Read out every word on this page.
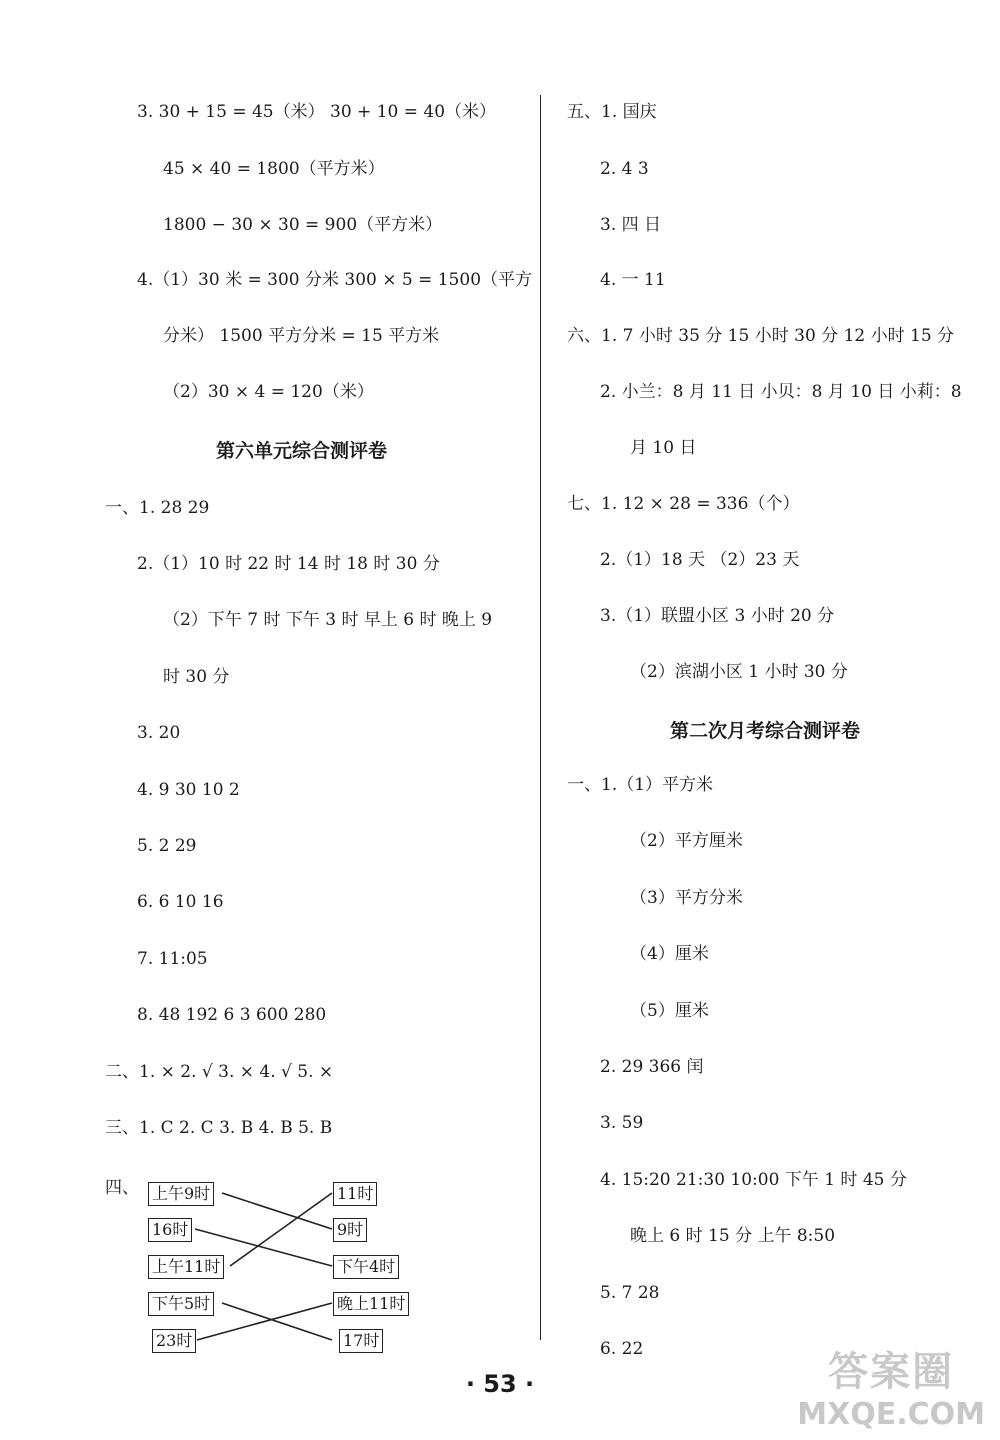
3. 30 + 15 = 45（米） 30 + 10 = 40（米）
45 × 40 = 1800（平方米）
1800 − 30 × 30 = 900（平方米）
4.（1）30 米 = 300 分米 300 × 5 = 1500（平方
分米） 1500 平方分米 = 15 平方米
（2）30 × 4 = 120（米）
第六单元综合测评卷
一、1. 28 29
2.（1）10 时 22 时 14 时 18 时 30 分
（2）下午 7 时 下午 3 时 早上 6 时 晚上 9
时 30 分
3. 20
4. 9 30 10 2
5. 2 29
6. 6 10 16
7. 11:05
8. 48 192 6 3 600 280
二、1. × 2. √ 3. × 4. √ 5. ×
三、1. C 2. C 3. B 4. B 5. B
四、 上午9时
16时
上午11时
下午5时
23时
11时
9时
下午4时
晚上11时
17时
五、1. 国庆
2. 4 3
3. 四 日
4. 一 11
六、1. 7 小时 35 分 15 小时 30 分 12 小时 15 分
2. 小兰：8 月 11 日 小贝：8 月 10 日 小莉：8
月 10 日
七、1. 12 × 28 = 336（个）
2.（1）18 天 （2）23 天
3.（1）联盟小区 3 小时 20 分
（2）滨湖小区 1 小时 30 分
第二次月考综合测评卷
一、1.（1）平方米
（2）平方厘米
（3）平方分米
（4）厘米
（5）厘米
2. 29 366 闰
3. 59
4. 15:20 21:30 10:00 下午 1 时 45 分
晚上 6 时 15 分 上午 8:50
5. 7 28
6. 22
· 53 ·	答案圈
MXQE.COM
